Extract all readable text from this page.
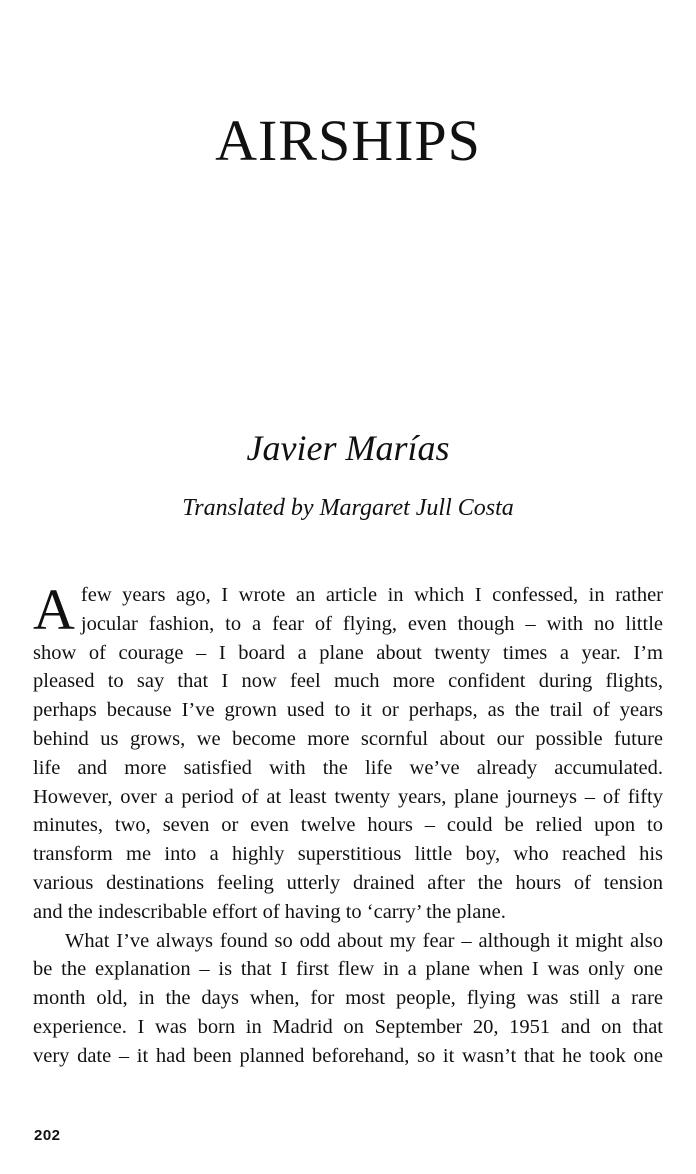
AIRSHIPS
Javier Marías
Translated by Margaret Jull Costa
A few years ago, I wrote an article in which I confessed, in rather
jocular fashion, to a fear of flying, even though – with no little
show of courage – I board a plane about twenty times a year. I’m
pleased to say that I now feel much more confident during flights,
perhaps because I’ve grown used to it or perhaps, as the trail of years
behind us grows, we become more scornful about our possible future
life and more satisfied with the life we’ve already accumulated.
However, over a period of at least twenty years, plane journeys – of fifty
minutes, two, seven or even twelve hours – could be relied upon to
transform me into a highly superstitious little boy, who reached his
various destinations feeling utterly drained after the hours of tension
and the indescribable effort of having to ‘carry’ the plane.
What I’ve always found so odd about my fear – although it might also
be the explanation – is that I first flew in a plane when I was only one
month old, in the days when, for most people, flying was still a rare
experience. I was born in Madrid on September 20, 1951 and on that
very date – it had been planned beforehand, so it wasn’t that he took one
202
